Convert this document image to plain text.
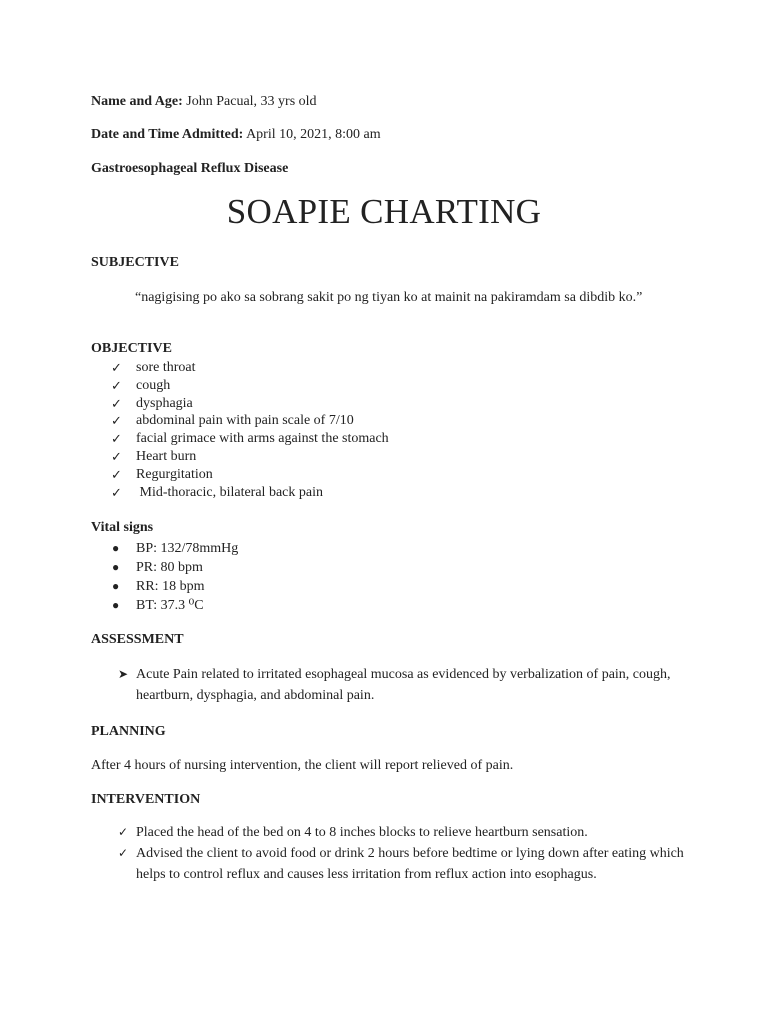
Name and Age: John Pacual, 33 yrs old
Date and Time Admitted: April 10, 2021, 8:00 am
Gastroesophageal Reflux Disease
SOAPIE CHARTING
SUBJECTIVE
“nagigising po ako sa sobrang sakit po ng tiyan ko at mainit na pakiramdam sa dibdib ko.”
OBJECTIVE
✓ sore throat
✓ cough
✓ dysphagia
✓ abdominal pain with pain scale of 7/10
✓ facial grimace with arms against the stomach
✓ Heart burn
✓ Regurgitation
✓ Mid-thoracic, bilateral back pain
Vital signs
● BP: 132/78mmHg
● PR: 80 bpm
● RR: 18 bpm
● BT: 37.3 ⁰C
ASSESSMENT
➤ Acute Pain related to irritated esophageal mucosa as evidenced by verbalization of pain, cough, heartburn, dysphagia, and abdominal pain.
PLANNING
After 4 hours of nursing intervention, the client will report relieved of pain.
INTERVENTION
✓ Placed the head of the bed on 4 to 8 inches blocks to relieve heartburn sensation.
✓ Advised the client to avoid food or drink 2 hours before bedtime or lying down after eating which helps to control reflux and causes less irritation from reflux action into esophagus.
